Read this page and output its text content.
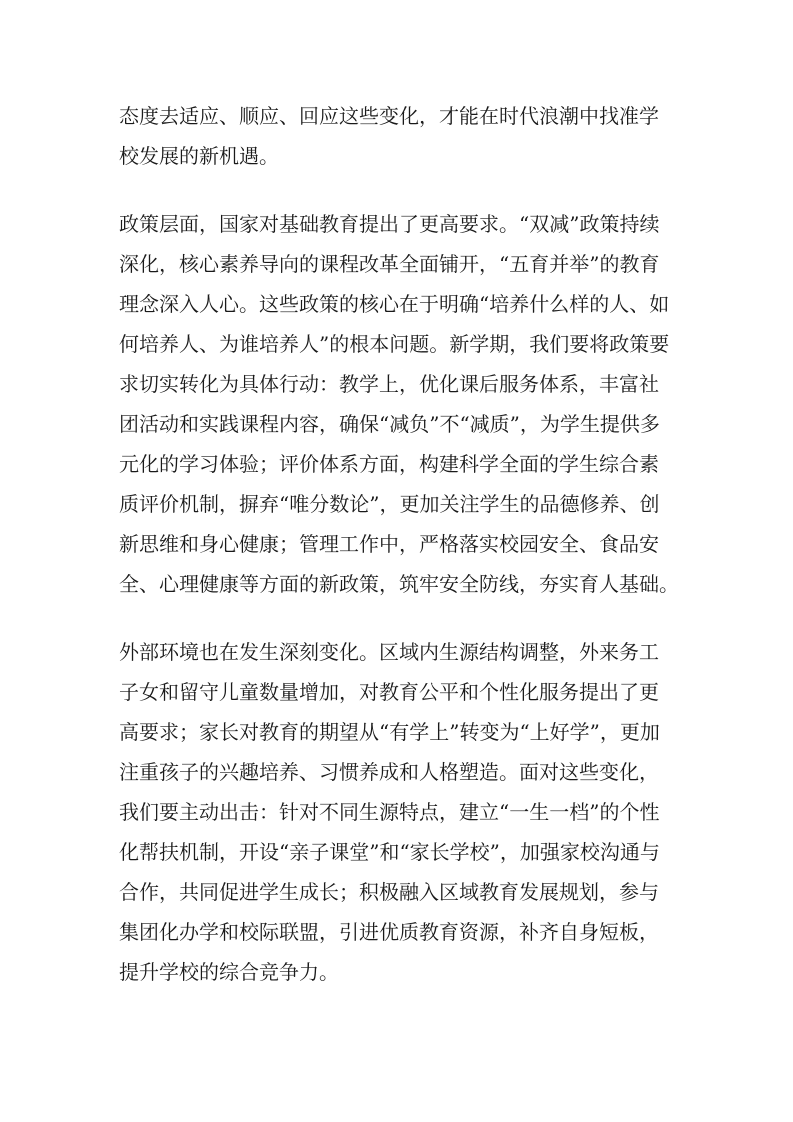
态度去适应、顺应、回应这些变化，才能在时代浪潮中找准学
校发展的新机遇。

政策层面，国家对基础教育提出了更高要求。“双减”政策持续
深化，核心素养导向的课程改革全面铺开，“五育并举”的教育
理念深入人心。这些政策的核心在于明确“培养什么样的人、如
何培养人、为谁培养人”的根本问题。新学期，我们要将政策要
求切实转化为具体行动：教学上，优化课后服务体系，丰富社
团活动和实践课程内容，确保“减负”不“减质”，为学生提供多
元化的学习体验；评价体系方面，构建科学全面的学生综合素
质评价机制，摒弃“唯分数论”，更加关注学生的品德修养、创
新思维和身心健康；管理工作中，严格落实校园安全、食品安
全、心理健康等方面的新政策，筑牢安全防线，夯实育人基础。

外部环境也在发生深刻变化。区域内生源结构调整，外来务工
子女和留守儿童数量增加，对教育公平和个性化服务提出了更
高要求；家长对教育的期望从“有学上”转变为“上好学”，更加
注重孩子的兴趣培养、习惯养成和人格塑造。面对这些变化，
我们要主动出击：针对不同生源特点，建立“一生一档”的个性
化帮扶机制，开设“亲子课堂”和“家长学校”，加强家校沟通与
合作，共同促进学生成长；积极融入区域教育发展规划，参与
集团化办学和校际联盟，引进优质教育资源，补齐自身短板，
提升学校的综合竞争力。
